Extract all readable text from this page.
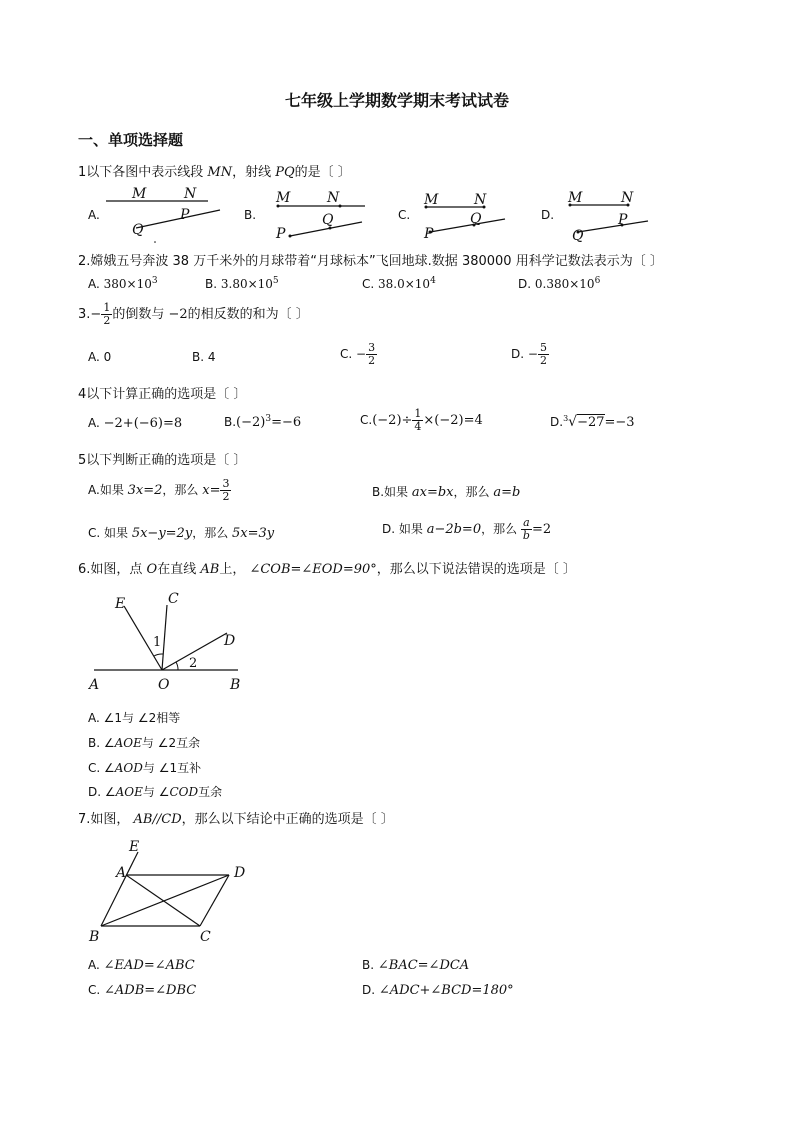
七年级上学期数学期末考试试卷
一、单项选择题
1以下各图中表示线段 MN，射线 PQ的是〔 〕
A.	B.	C.	D.
M	N
Q
P
M	N
P
Q
M	N
P
Q
M	N
Q
P
E	C
D
A	O	B
1
2
E
A	D
B	C
2.嫦娥五号奔波 38 万千米外的月球带着“月球标本”飞回地球.数据 380000 用科学记数法表示为〔 〕
A. $380\times 10^3$	B. $3.80\times 10^5$	C. $38.0\times 10^4$	D. $0.380\times 10^6$
$3.- \frac{1}{2}$ 的倒数与 −2的相反数的和为〔 〕
A. 0	B. 4	C. − $\frac{3}{2}$	D. − $\frac{5}{2}$
4以下计算正确的选项是〔 〕
A. −2+(−6)=8	$B.(-2)^3=-6$	$C.(-2)\div \frac{1}{4} \times(-2)=4$	D.$^3$√−27=−3
5以下判断正确的选项是〔 〕
A.如果 3x=2，那么 $x= \frac{3}{2}$	B.如果 ax=bx，那么 a=b
C. 如果 5x−y=2y，那么 5x=3y	D. 如果 a−2b=0，那么 $\frac{a}{b} =2$
6.如图，点 O在直线 AB上， ∠COB=∠EOD=90°，那么以下说法错误的选项是〔 〕
A. ∠1与 ∠2相等
B. ∠AOE与 ∠2互余
C. ∠AOD与 ∠1互补
D. ∠AOE与 ∠COD互余
7.如图， AB//CD，那么以下结论中正确的选项是〔 〕
A. ∠EAD=∠ABC	B. ∠BAC=∠DCA
C. ∠ADB=∠DBC	D. ∠ADC+∠BCD=180°
